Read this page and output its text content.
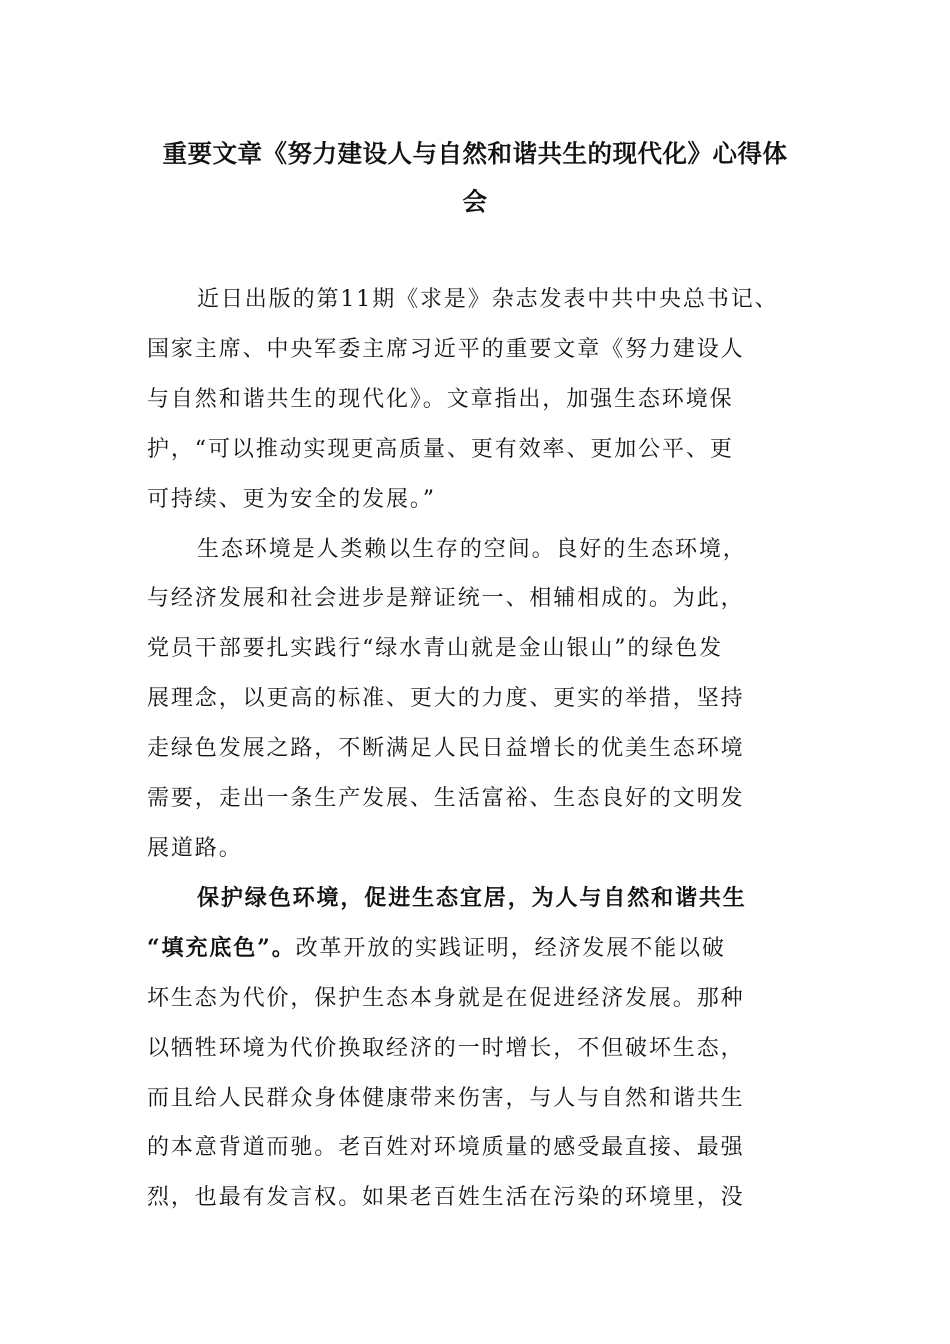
重要文章《努力建设人与自然和谐共生的现代化》心得体
会

近日出版的第11期《求是》杂志发表中共中央总书记、
国家主席、中央军委主席习近平的重要文章《努力建设人
与自然和谐共生的现代化》。文章指出，加强生态环境保
护，“可以推动实现更高质量、更有效率、更加公平、更
可持续、更为安全的发展。”

生态环境是人类赖以生存的空间。良好的生态环境，
与经济发展和社会进步是辩证统一、相辅相成的。为此，
党员干部要扎实践行“绿水青山就是金山银山”的绿色发
展理念，以更高的标准、更大的力度、更实的举措，坚持
走绿色发展之路，不断满足人民日益增长的优美生态环境
需要，走出一条生产发展、生活富裕、生态良好的文明发
展道路。

保护绿色环境，促进生态宜居，为人与自然和谐共生
“填充底色”。改革开放的实践证明，经济发展不能以破
坏生态为代价，保护生态本身就是在促进经济发展。那种
以牺牲环境为代价换取经济的一时增长，不但破坏生态，
而且给人民群众身体健康带来伤害，与人与自然和谐共生
的本意背道而驰。老百姓对环境质量的感受最直接、最强
烈，也最有发言权。如果老百姓生活在污染的环境里，没
